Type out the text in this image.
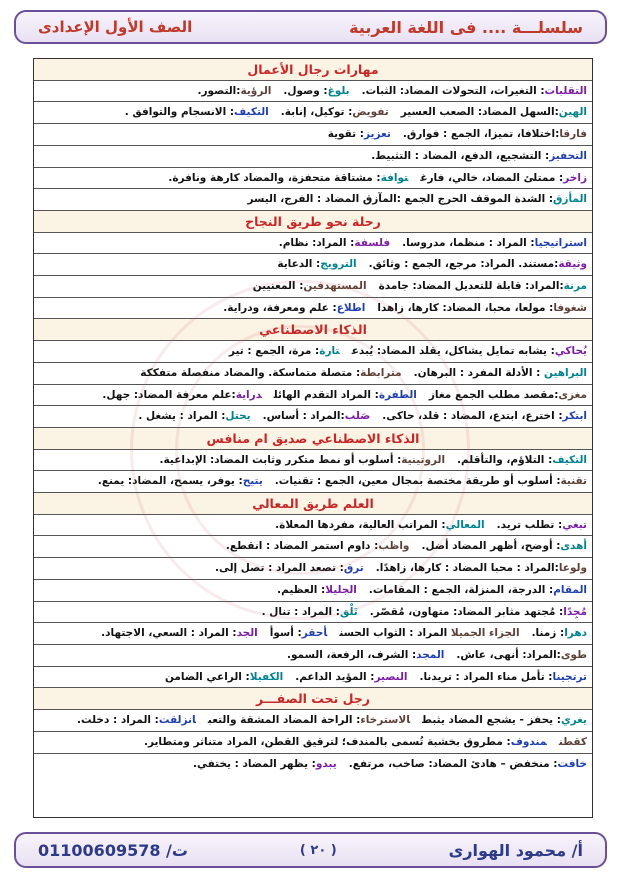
سلسلـــة .... فى اللغة العربية
الصف الأول الإعدادى
مهارات رجال الأعمال
التقلبات: التغيرات، التحولات المضاد: الثبات.بلوغ: وصول.الرؤية:التصور.
الهين:السهل المضاد: الصعب العسيرتفويض: توكيل، إنابة.التكيف: الانسجام والتوافق .
فارقا:اختلافا، تميزا، الجمع : فوارق.تعزيز: تقوية
التحفيز: التشجيع، الدفع، المضاد : التثبيط.
زاخر: ممتلئ المضاد، خالي، فارغتوافة: مشتاقة متحفزة، والمضاد كارهة ونافرة.
المأزق: الشدة الموقف الحرج الجمع :المآزق المضاد : الفرج، اليسر
رحلة نحو طريق النجاح
استراتيجيا: المراد : منظما، مدروسا.فلسفة: المراد: نظام.
وثيقة:مستند. المراد: مرجع، الجمع : وثائق.الترويج: الدعاية
مرنة:المراد: قابلة للتعديل المضاد: جامدةالمستهدفين: المعنيين
شغوفا: مولعا، محبا، المضاد: كارها، زاهدااطلاع: علم ومعرفة، ودراية.
الذكاء الاصطناعي
يُحاكي: يشابه تمايل يشاكل، يقلد المضاد: يُبدعتارة: مرة، الجمع : تير
البراهين : الأدلة المفرد : البرهان.مترابطة: متصلة متماسكة. والمضاد منفصلة متفككة
مغزى:مقصد مطلب الجمع مغازالطفرة: المراد التقدم الهائلدراية:علم معرفة المضاد: جهل.
ابتكر: اخترع، ابتدع، المضاد : قلد، حاكى.صَلب:المراد : أساس.يحتل: المراد : يشغل .
الذكاء الاصطناعي صديق ام منافس
التكيف: التلاؤم، والتأقلم.الروتينية: أسلوب أو نمط متكرر وثابت المضاد: الإبداعية.
تقنية: أسلوب أو طريقة مختصة بمجال معين، الجمع : تقنيات.يتيح: يوفر، يسمح، المضاد: يمنع.
العلم طريق المعالي
تبغي: تطلب تريد.المعالي: المراتب العالية، مفردها المعلاة.
أهدى: أوضح، أظهر المضاد أضل.واظب: داوم استمر المضاد : انقطع.
ولوعا:المراد : محبا المضاد : كارها، زاهدًا.ترق: تصعد المراد : تصل إلى.
المقام: الدرجة، المنزلة، الجمع : المقامات.الجليلا: العظيم.
مُجِدًا: مُجتهد مثابر المضاد: متهاون، مُقصّر.تَلْق: المراد : تنال .
دهرا: زمنا.الجزاء الجميلا المراد : الثواب الحسنأحقر: أسوأالجد: المراد : السعي، الاجتهاد.
طوى:المراد: أنهى، عاش.المجد: الشرف، الرفعة، السمو.
ترتجينا: تأمل مناء المراد : تريدنا.النصير: المؤيد الداعم.الكفيلا: الراعي الضامن
رجل تحت الصفـــر
يغري: يحفز - يشجع المضاد يثبطالاسترخاء: الراحة المضاد المشقة والتعبانزلقت: المراد : دخلت.
كقطنمندوف: مطروق بخشبة تُسمى بالمندف؛ لترقيق القطن، المراد متناثر ومتطاير.
خافت: منخفض – هادئ المضاد: صاخب، مرتفع.يبدو: يظهر المضاد : يختفي.
أ/ محمود الهوارى
( ٢٠ )
ت/ 01100609578
